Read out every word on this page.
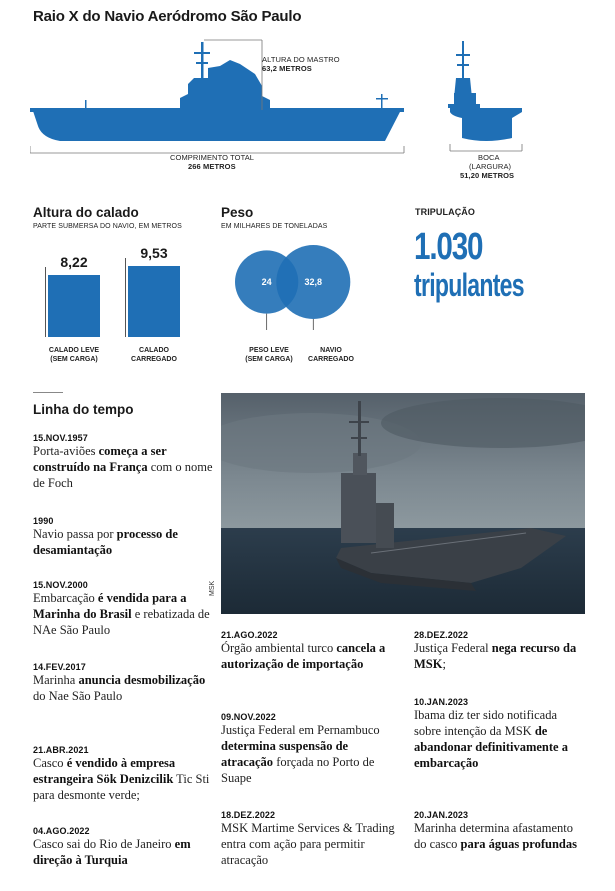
Raio X do Navio Aeródromo São Paulo
ALTURA DO MASTRO
63,2 METROS
COMPRIMENTO TOTAL
266 METROS
BOCA
(LARGURA)
51,20 METROS
Altura do calado
PARTE SUBMERSA DO NAVIO, EM METROS
8,22
CALADO LEVE
(SEM CARGA)
9,53
CALADO
CARREGADO
Peso
EM MILHARES DE TONELADAS
24	32,8
PESO LEVE
(SEM CARGA)
NAVIO
CARREGADO
TRIPULAÇÃO
1.030
tripulantes
Linha do tempo
MSK
15.NOV.1957
Porta-aviões começa a ser construído na França com o nome de Foch
1990
Navio passa por processo de desamiantação
15.NOV.2000
Embarcação é vendida para a Marinha do Brasil e rebatizada de NAe São Paulo
14.FEV.2017
Marinha anuncia desmobilização do Nae São Paulo
21.ABR.2021
Casco é vendido à empresa estrangeira Sök Denizcilik Tic Sti para desmonte verde;
04.AGO.2022
Casco sai do Rio de Janeiro em direção à Turquia
21.AGO.2022
Órgão ambiental turco cancela a autorização de importação
09.NOV.2022
Justiça Federal em Pernambuco determina suspensão de atracação forçada no Porto de Suape
18.DEZ.2022
MSK Martime Services & Trading entra com ação para permitir atracação
28.DEZ.2022
Justiça Federal nega recurso da MSK;
10.JAN.2023
Ibama diz ter sido notificada sobre intenção da MSK de abandonar definitivamente a embarcação
20.JAN.2023
Marinha determina afastamento do casco para águas profundas
